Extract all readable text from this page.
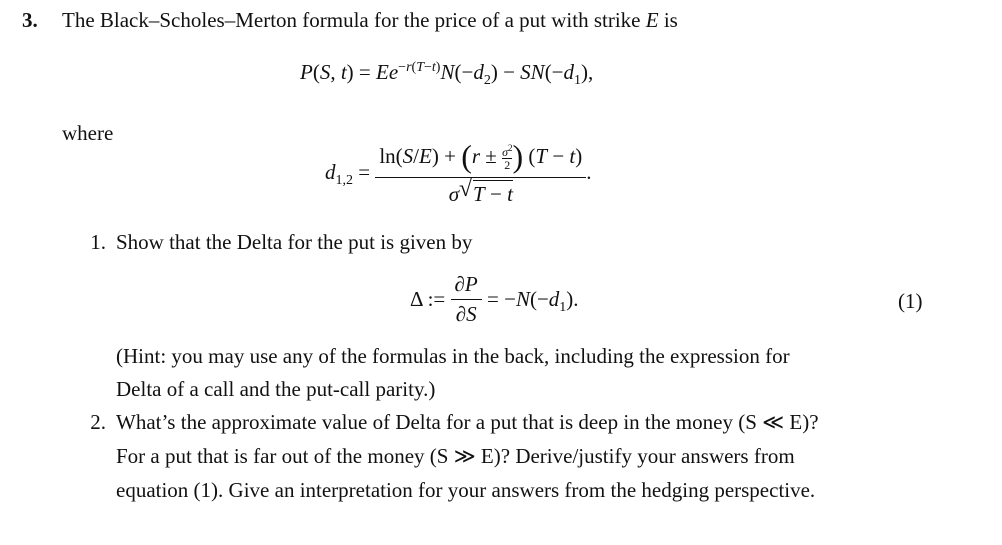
3. The Black–Scholes–Merton formula for the price of a put with strike E is
P(S, $t) = Ee^{-r(T-t)}N(-d_2) - SN(-d_1)$,
where
$d_{1,2} = \frac{\ln(S/E) + (r \pm \frac{\sigma^2}{2} ) (T - t)}{\sigma √ T - t}$ .
1. Show that the Delta for the put is given by
Δ := $\frac{\partial P}{\partial S} = -N(-d_1)$.	(1)
(Hint: you may use any of the formulas in the back, including the expression for
Delta of a call and the put-call parity.)
2. What’s the approximate value of Delta for a put that is deep in the money (S ≪ E)?
For a put that is far out of the money (S ≫ E)? Derive/justify your answers from
equation (1). Give an interpretation for your answers from the hedging perspective.
